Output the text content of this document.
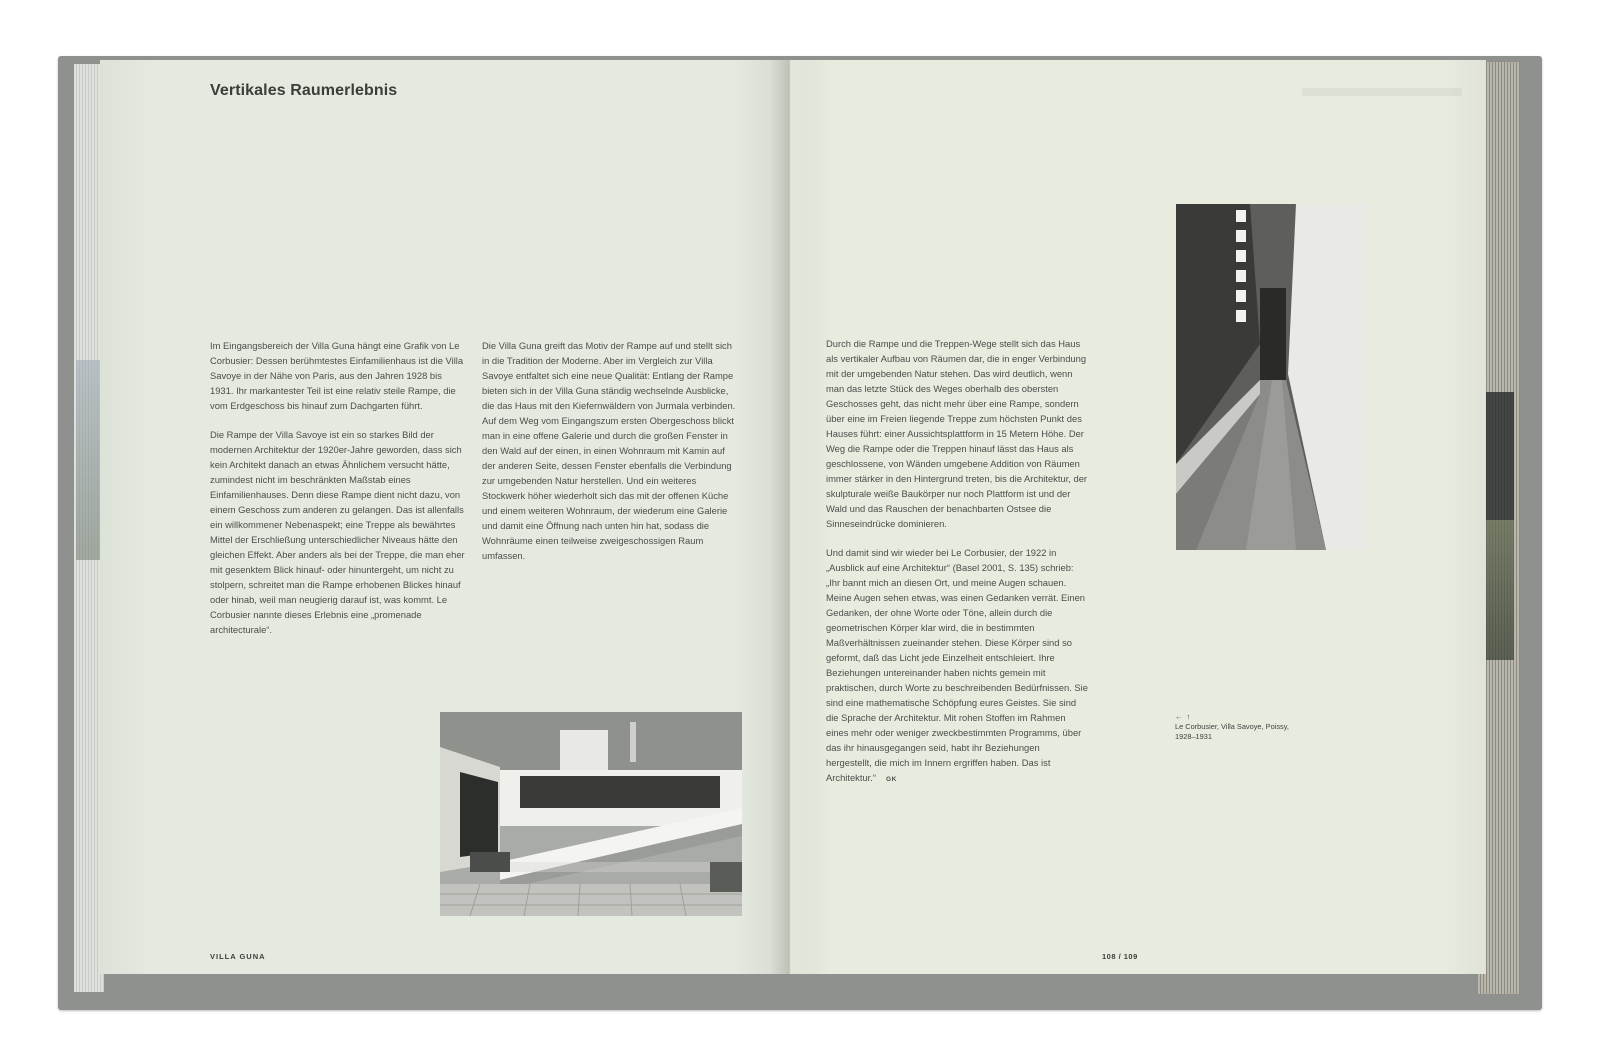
Vertikales Raumerlebnis

Im Eingangsbereich der Villa Guna hängt eine Grafik von Le Corbusier: Dessen berühmtestes Einfamilienhaus ist die Villa Savoye in der Nähe von Paris, aus den Jahren 1928 bis 1931. Ihr markantester Teil ist eine relativ steile Rampe, die vom Erdgeschoss bis hinauf zum Dachgarten führt.

Die Rampe der Villa Savoye ist ein so starkes Bild der modernen Architektur der 1920er-Jahre geworden, dass sich kein Architekt danach an etwas Ähnlichem versucht hätte, zumindest nicht im beschränkten Maßstab eines Einfamilienhauses. Denn diese Rampe dient nicht dazu, von einem Geschoss zum anderen zu gelangen. Das ist allenfalls ein willkommener Nebenaspekt; eine Treppe als bewährtes Mittel der Erschließung unterschiedlicher Niveaus hätte den gleichen Effekt. Aber anders als bei der Treppe, die man eher mit gesenktem Blick hinauf- oder hinuntergeht, um nicht zu stolpern, schreitet man die Rampe erhobenen Blickes hinauf oder hinab, weil man neugierig darauf ist, was kommt. Le Corbusier nannte dieses Erlebnis eine „promenade architecturale“.

Die Villa Guna greift das Motiv der Rampe auf und stellt sich in die Tradition der Moderne. Aber im Vergleich zur Villa Savoye entfaltet sich eine neue Qualität: Entlang der Rampe bieten sich in der Villa Guna ständig wechselnde Ausblicke, die das Haus mit den Kiefernwäldern von Jurmala verbinden. Auf dem Weg vom Eingangszum ersten Obergeschoss blickt man in eine offene Galerie und durch die großen Fenster in den Wald auf der einen, in einen Wohnraum mit Kamin auf der anderen Seite, dessen Fenster ebenfalls die Verbindung zur umgebenden Natur herstellen. Und ein weiteres Stockwerk höher wiederholt sich das mit der offenen Küche und einem weiteren Wohnraum, der wiederum eine Galerie und damit eine Öffnung nach unten hin hat, sodass die Wohnräume einen teilweise zweigeschossigen Raum umfassen.

VILLA GUNA

Durch die Rampe und die Treppen-Wege stellt sich das Haus als vertikaler Aufbau von Räumen dar, die in enger Verbindung mit der umgebenden Natur stehen. Das wird deutlich, wenn man das letzte Stück des Weges oberhalb des obersten Geschosses geht, das nicht mehr über eine Rampe, sondern über eine im Freien liegende Treppe zum höchsten Punkt des Hauses führt: einer Aussichtsplattform in 15 Metern Höhe. Der Weg die Rampe oder die Treppen hinauf lässt das Haus als geschlossene, von Wänden umgebene Addition von Räumen immer stärker in den Hintergrund treten, bis die Architektur, der skulpturale weiße Baukörper nur noch Plattform ist und der Wald und das Rauschen der benachbarten Ostsee die Sinneseindrücke dominieren.

Und damit sind wir wieder bei Le Corbusier, der 1922 in „Ausblick auf eine Architektur“ (Basel 2001, S. 135) schrieb: „Ihr bannt mich an diesen Ort, und meine Augen schauen. Meine Augen sehen etwas, was einen Gedanken verrät. Einen Gedanken, der ohne Worte oder Töne, allein durch die geometrischen Körper klar wird, die in bestimmten Maßverhältnissen zueinander stehen. Diese Körper sind so geformt, daß das Licht jede Einzelheit entschleiert. Ihre Beziehungen untereinander haben nichts gemein mit praktischen, durch Worte zu beschreibenden Bedürfnissen. Sie sind eine mathematische Schöpfung eures Geistes. Sie sind die Sprache der Architektur. Mit rohen Stoffen im Rahmen eines mehr oder weniger zweckbestimmten Programms, über das ihr hinausgegangen seid, habt ihr Beziehungen hergestellt, die mich im Innern ergriffen haben. Das ist Architektur.“ GK

← ↑
Le Corbusier, Villa Savoye, Poissy, 1928–1931
108 / 109
